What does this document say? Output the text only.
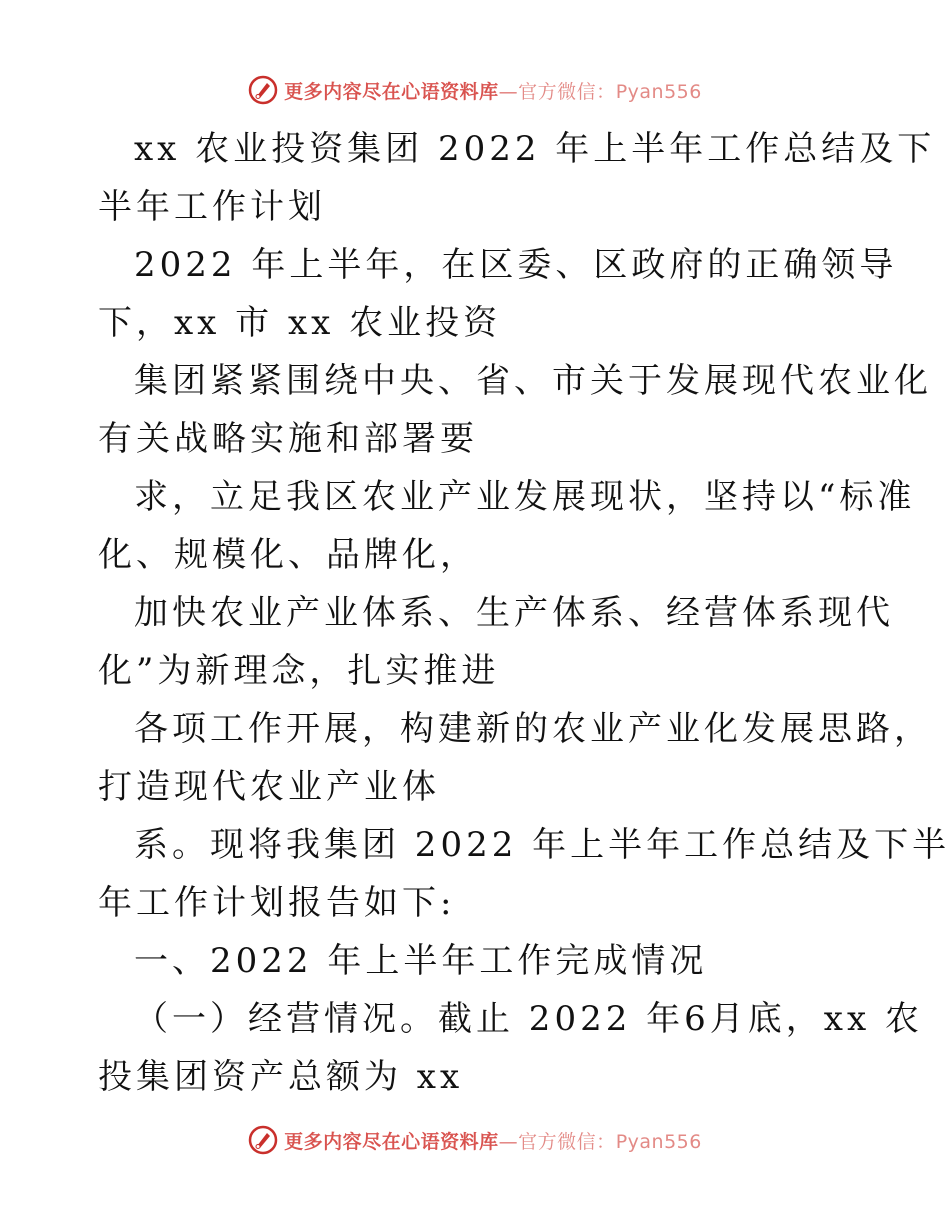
更多内容尽在心语资料库—官方微信：Pyan556
xx 农业投资集团 2022 年上半年工作总结及下
半年工作计划
2022 年上半年，在区委、区政府的正确领导
下，xx 市 xx 农业投资
集团紧紧围绕中央、省、市关于发展现代农业化
有关战略实施和部署要
求，立足我区农业产业发展现状，坚持以“标准
化、规模化、品牌化，
加快农业产业体系、生产体系、经营体系现代
化”为新理念，扎实推进
各项工作开展，构建新的农业产业化发展思路，
打造现代农业产业体
系。现将我集团 2022 年上半年工作总结及下半
年工作计划报告如下:
一、2022 年上半年工作完成情况
（一）经营情况。截止 2022 年6月底，xx 农
投集团资产总额为 xx
更多内容尽在心语资料库—官方微信：Pyan556
